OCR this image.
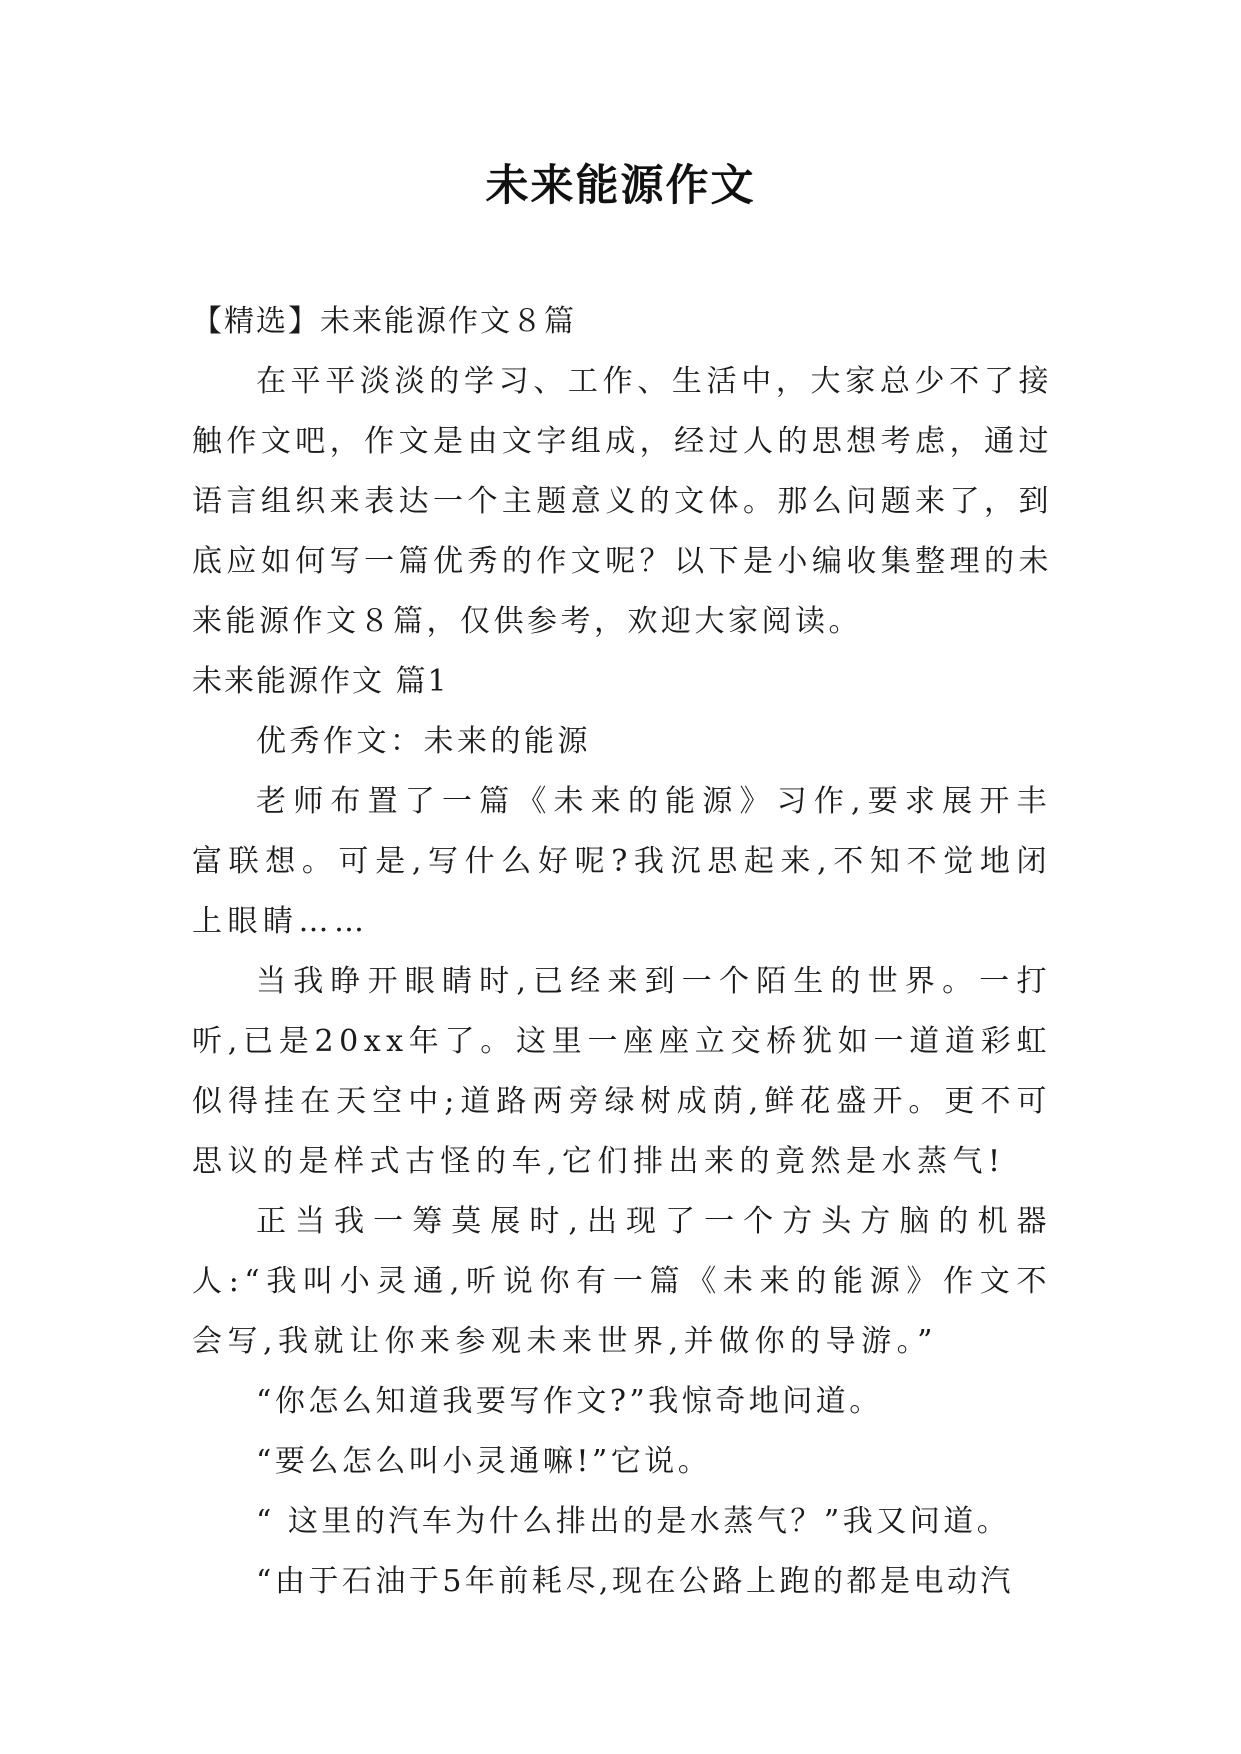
未来能源作文

【精选】未来能源作文８篇

在平平淡淡的学习、工作、生活中，大家总少不了接触作文吧，作文是由文字组成，经过人的思想考虑，通过语言组织来表达一个主题意义的文体。那么问题来了，到底应如何写一篇优秀的作文呢？以下是小编收集整理的未来能源作文８篇，仅供参考，欢迎大家阅读。

未来能源作文 篇1

优秀作文：未来的能源

老师布置了一篇《未来的能源》习作,要求展开丰富联想。可是,写什么好呢?我沉思起来,不知不觉地闭上眼睛……

当我睁开眼睛时,已经来到一个陌生的世界。一打听,已是20xx年了。这里一座座立交桥犹如一道道彩虹似得挂在天空中;道路两旁绿树成荫,鲜花盛开。更不可思议的是样式古怪的车,它们排出来的竟然是水蒸气!

正当我一筹莫展时,出现了一个方头方脑的机器人:“我叫小灵通,听说你有一篇《未来的能源》作文不会写,我就让你来参观未来世界,并做你的导游。”

“你怎么知道我要写作文?”我惊奇地问道。

“要么怎么叫小灵通嘛!”它说。

“ 这里的汽车为什么排出的是水蒸气？”我又问道。

“由于石油于5年前耗尽,现在公路上跑的都是电动汽
